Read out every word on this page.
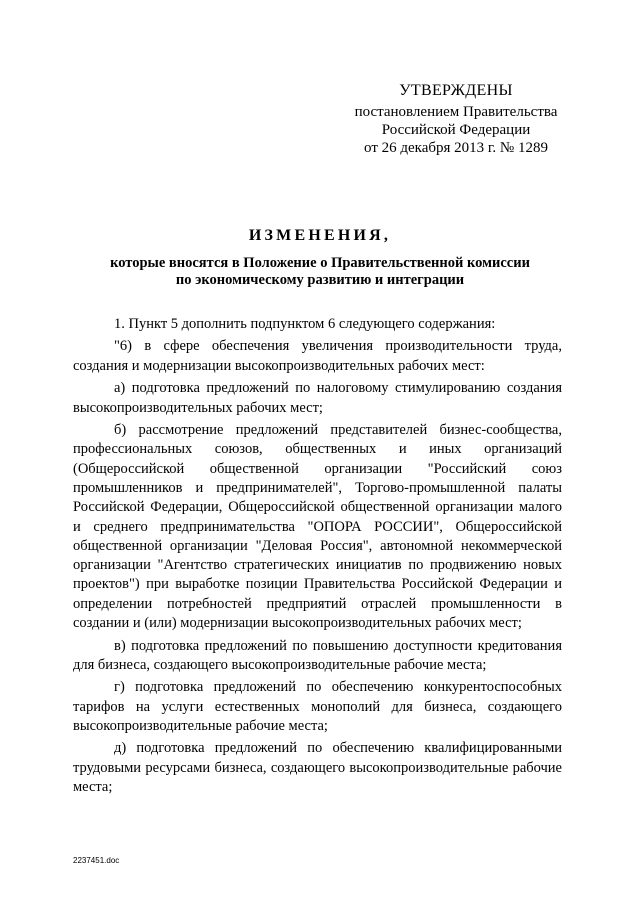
УТВЕРЖДЕНЫ
постановлением Правительства
Российской Федерации
от 26 декабря 2013 г. № 1289
ИЗМЕНЕНИЯ,
которые вносятся в Положение о Правительственной комиссии
по экономическому развитию и интеграции

1. Пункт 5 дополнить подпунктом 6 следующего содержания:

"6) в сфере обеспечения увеличения производительности труда, создания и модернизации высокопроизводительных рабочих мест:

а) подготовка предложений по налоговому стимулированию создания высокопроизводительных рабочих мест;

б) рассмотрение предложений представителей бизнес-сообщества, профессиональных союзов, общественных и иных организаций (Общероссийской общественной организации "Российский союз промышленников и предпринимателей", Торгово-промышленной палаты Российской Федерации, Общероссийской общественной организации малого и среднего предпринимательства "ОПОРА РОССИИ", Общероссийской общественной организации "Деловая Россия", автономной некоммерческой организации "Агентство стратегических инициатив по продвижению новых проектов") при выработке позиции Правительства Российской Федерации и определении потребностей предприятий отраслей промышленности в создании и (или) модернизации высокопроизводительных рабочих мест;

в) подготовка предложений по повышению доступности кредитования для бизнеса, создающего высокопроизводительные рабочие места;

г) подготовка предложений по обеспечению конкурентоспособных тарифов на услуги естественных монополий для бизнеса, создающего высокопроизводительные рабочие места;

д) подготовка предложений по обеспечению квалифицированными трудовыми ресурсами бизнеса, создающего высокопроизводительные рабочие места;

2237451.doc
